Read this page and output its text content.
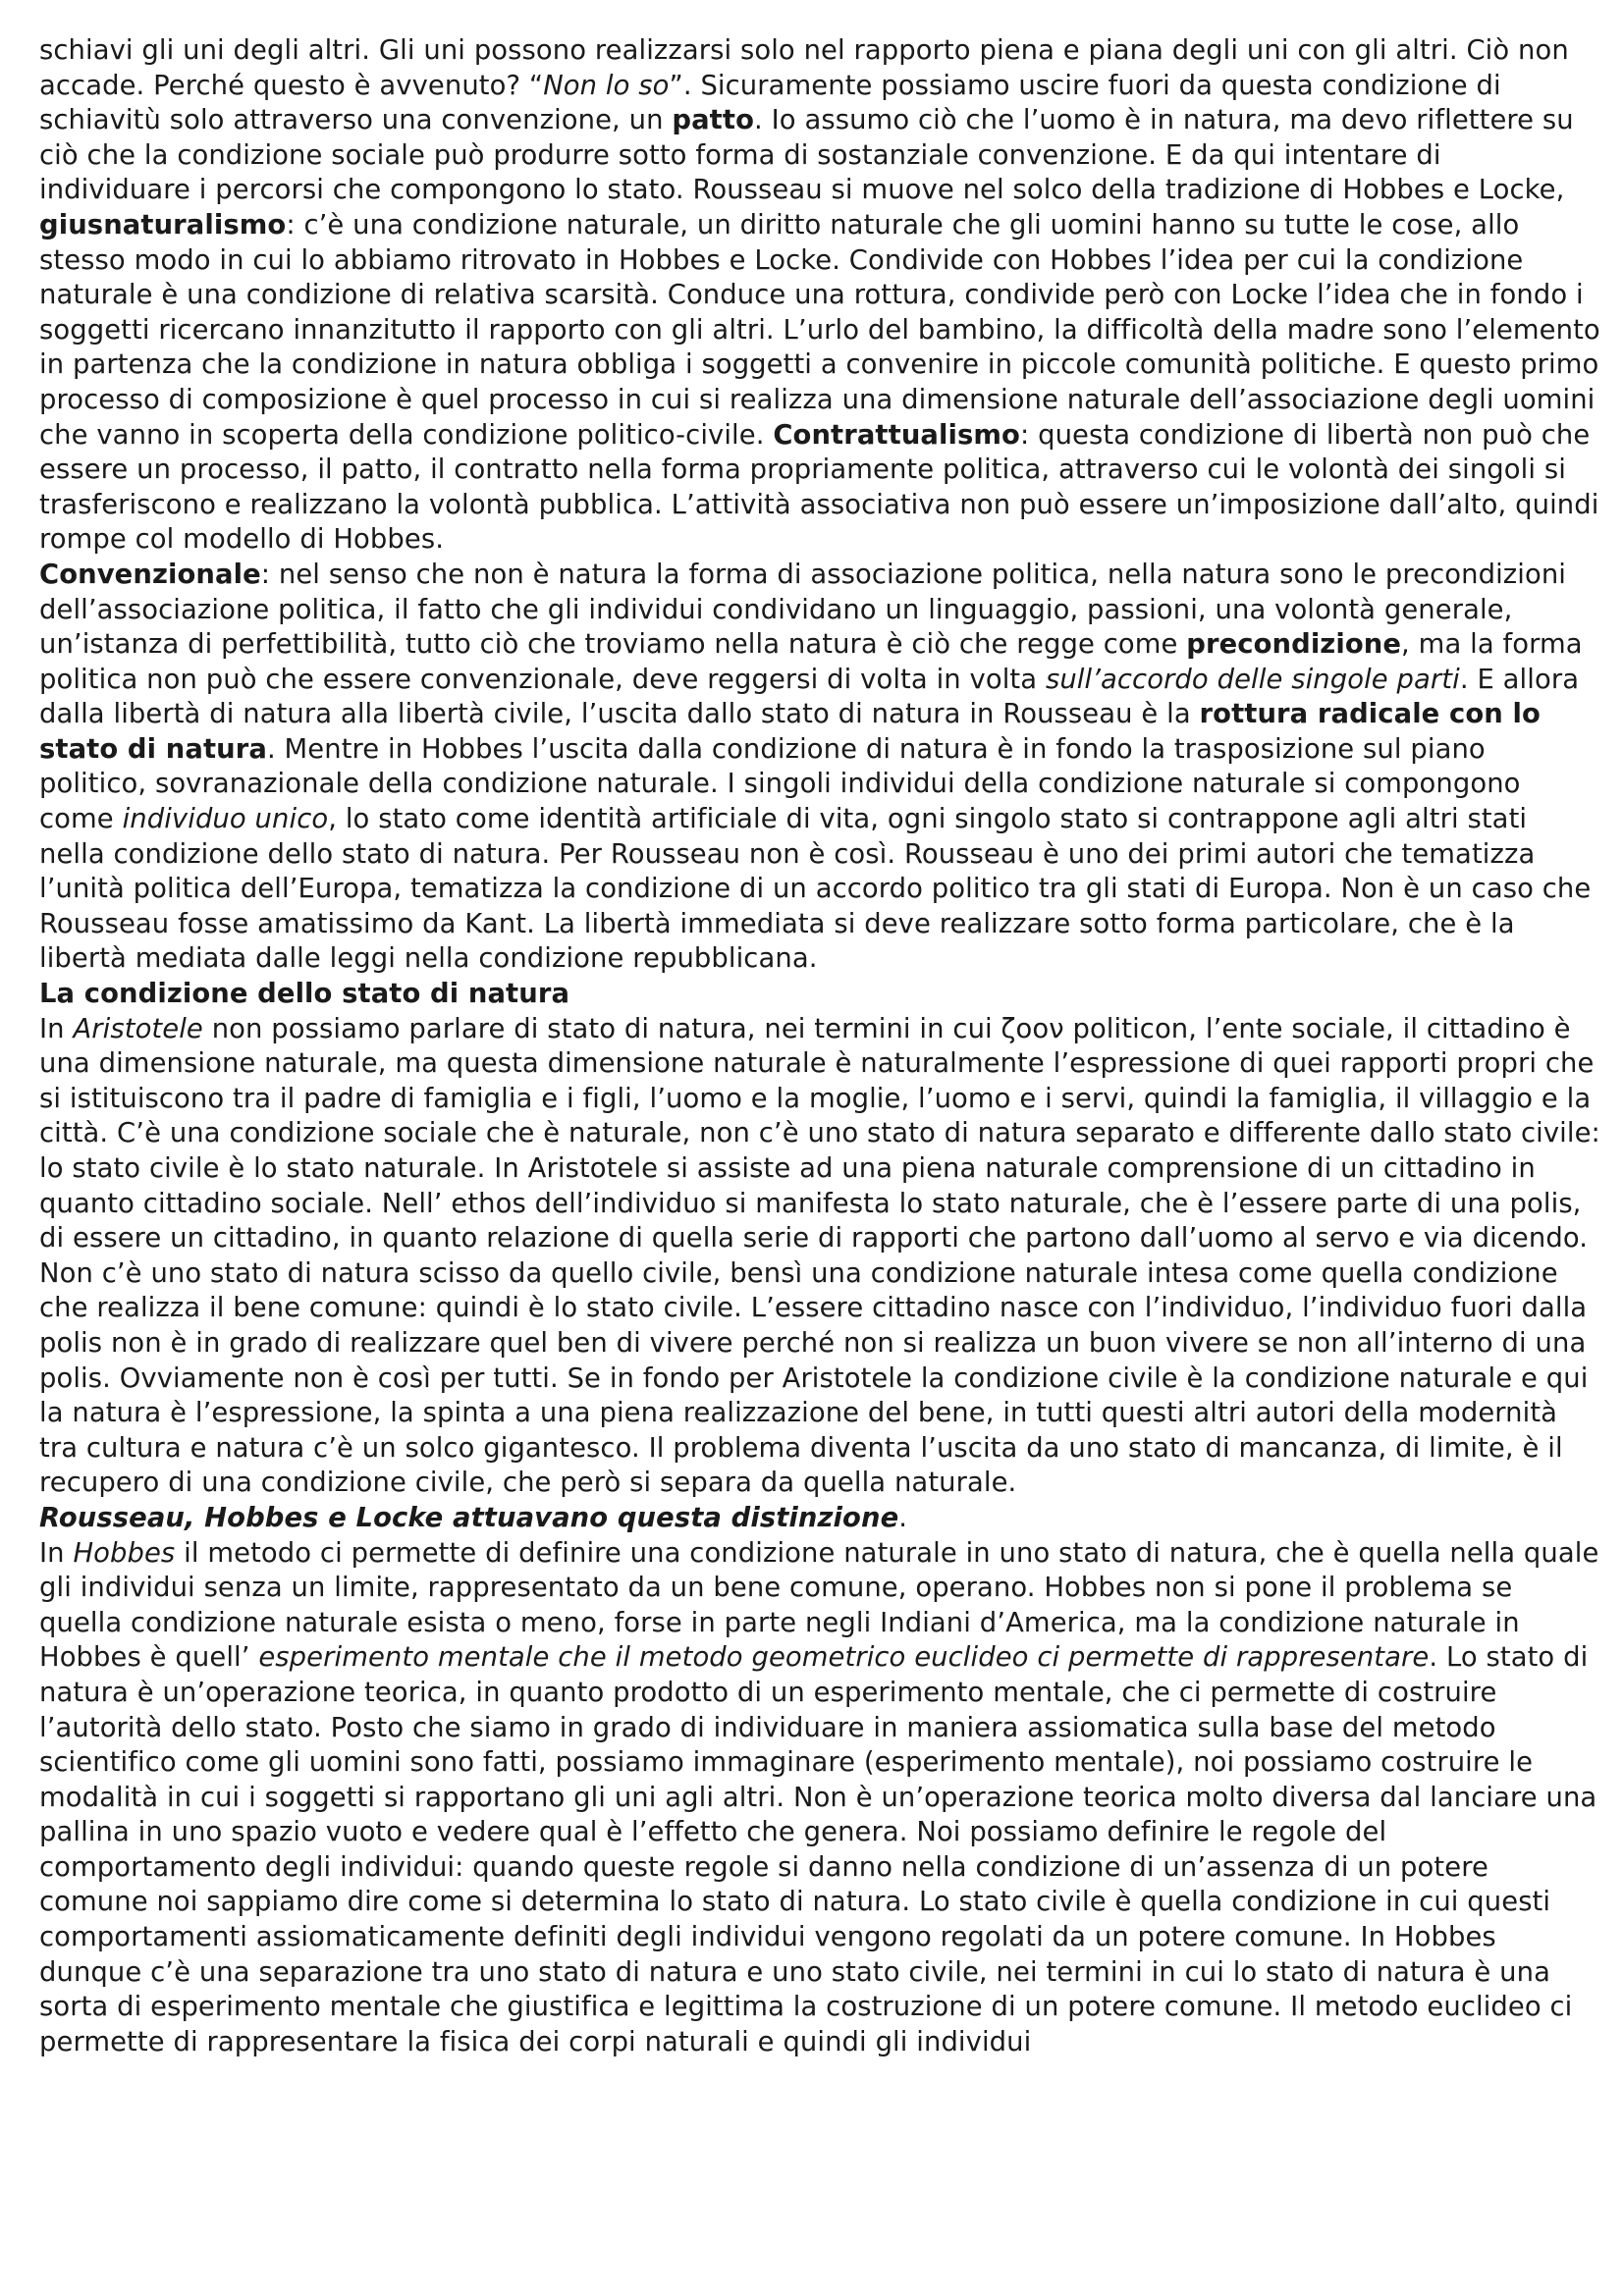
schiavi gli uni degli altri. Gli uni possono realizzarsi solo nel rapporto piena e piana degli uni con gli altri. Ciò non accade. Perché questo è avvenuto? “Non lo so”. Sicuramente possiamo uscire fuori da questa condizione di schiavitù solo attraverso una convenzione, un patto. Io assumo ciò che l’uomo è in natura, ma devo riflettere su ciò che la condizione sociale può produrre sotto forma di sostanziale convenzione. E da qui intentare di individuare i percorsi che compongono lo stato. Rousseau si muove nel solco della tradizione di Hobbes e Locke, giusnaturalismo: c’è una condizione naturale, un diritto naturale che gli uomini hanno su tutte le cose, allo stesso modo in cui lo abbiamo ritrovato in Hobbes e Locke. Condivide con Hobbes l’idea per cui la condizione naturale è una condizione di relativa scarsità. Conduce una rottura, condivide però con Locke l’idea che in fondo i soggetti ricercano innanzitutto il rapporto con gli altri. L’urlo del bambino, la difficoltà della madre sono l’elemento in partenza che la condizione in natura obbliga i soggetti a convenire in piccole comunità politiche. E questo primo processo di composizione è quel processo in cui si realizza una dimensione naturale dell’associazione degli uomini che vanno in scoperta della condizione politico-civile. Contrattualismo: questa condizione di libertà non può che essere un processo, il patto, il contratto nella forma propriamente politica, attraverso cui le volontà dei singoli si trasferiscono e realizzano la volontà pubblica. L’attività associativa non può essere un’imposizione dall’alto, quindi rompe col modello di Hobbes.

Convenzionale: nel senso che non è natura la forma di associazione politica, nella natura sono le precondizioni dell’associazione politica, il fatto che gli individui condividano un linguaggio, passioni, una volontà generale, un’istanza di perfettibilità, tutto ciò che troviamo nella natura è ciò che regge come precondizione, ma la forma politica non può che essere convenzionale, deve reggersi di volta in volta sull’accordo delle singole parti. E allora dalla libertà di natura alla libertà civile, l’uscita dallo stato di natura in Rousseau è la rottura radicale con lo stato di natura. Mentre in Hobbes l’uscita dalla condizione di natura è in fondo la trasposizione sul piano politico, sovranazionale della condizione naturale. I singoli individui della condizione naturale si compongono come individuo unico, lo stato come identità artificiale di vita, ogni singolo stato si contrappone agli altri stati nella condizione dello stato di natura. Per Rousseau non è così. Rousseau è uno dei primi autori che tematizza l’unità politica dell’Europa, tematizza la condizione di un accordo politico tra gli stati di Europa. Non è un caso che Rousseau fosse amatissimo da Kant. La libertà immediata si deve realizzare sotto forma particolare, che è la libertà mediata dalle leggi nella condizione repubblicana.

La condizione dello stato di natura

In Aristotele non possiamo parlare di stato di natura, nei termini in cui ζοον politicon, l’ente sociale, il cittadino è una dimensione naturale, ma questa dimensione naturale è naturalmente l’espressione di quei rapporti propri che si istituiscono tra il padre di famiglia e i figli, l’uomo e la moglie, l’uomo e i servi, quindi la famiglia, il villaggio e la città. C’è una condizione sociale che è naturale, non c’è uno stato di natura separato e differente dallo stato civile: lo stato civile è lo stato naturale. In Aristotele si assiste ad una piena naturale comprensione di un cittadino in quanto cittadino sociale. Nell’ ethos dell’individuo si manifesta lo stato naturale, che è l’essere parte di una polis, di essere un cittadino, in quanto relazione di quella serie di rapporti che partono dall’uomo al servo e via dicendo. Non c’è uno stato di natura scisso da quello civile, bensì una condizione naturale intesa come quella condizione che realizza il bene comune: quindi è lo stato civile. L’essere cittadino nasce con l’individuo, l’individuo fuori dalla polis non è in grado di realizzare quel ben di vivere perché non si realizza un buon vivere se non all’interno di una polis. Ovviamente non è così per tutti. Se in fondo per Aristotele la condizione civile è la condizione naturale e qui la natura è l’espressione, la spinta a una piena realizzazione del bene, in tutti questi altri autori della modernità tra cultura e natura c’è un solco gigantesco. Il problema diventa l’uscita da uno stato di mancanza, di limite, è il recupero di una condizione civile, che però si separa da quella naturale.

Rousseau, Hobbes e Locke attuavano questa distinzione.

In Hobbes il metodo ci permette di definire una condizione naturale in uno stato di natura, che è quella nella quale gli individui senza un limite, rappresentato da un bene comune, operano. Hobbes non si pone il problema se quella condizione naturale esista o meno, forse in parte negli Indiani d’America, ma la condizione naturale in Hobbes è quell’ esperimento mentale che il metodo geometrico euclideo ci permette di rappresentare. Lo stato di natura è un’operazione teorica, in quanto prodotto di un esperimento mentale, che ci permette di costruire l’autorità dello stato. Posto che siamo in grado di individuare in maniera assiomatica sulla base del metodo scientifico come gli uomini sono fatti, possiamo immaginare (esperimento mentale), noi possiamo costruire le modalità in cui i soggetti si rapportano gli uni agli altri. Non è un’operazione teorica molto diversa dal lanciare una pallina in uno spazio vuoto e vedere qual è l’effetto che genera. Noi possiamo definire le regole del comportamento degli individui: quando queste regole si danno nella condizione di un’assenza di un potere comune noi sappiamo dire come si determina lo stato di natura. Lo stato civile è quella condizione in cui questi comportamenti assiomaticamente definiti degli individui vengono regolati da un potere comune. In Hobbes dunque c’è una separazione tra uno stato di natura e uno stato civile, nei termini in cui lo stato di natura è una sorta di esperimento mentale che giustifica e legittima la costruzione di un potere comune. Il metodo euclideo ci permette di rappresentare la fisica dei corpi naturali e quindi gli individui
